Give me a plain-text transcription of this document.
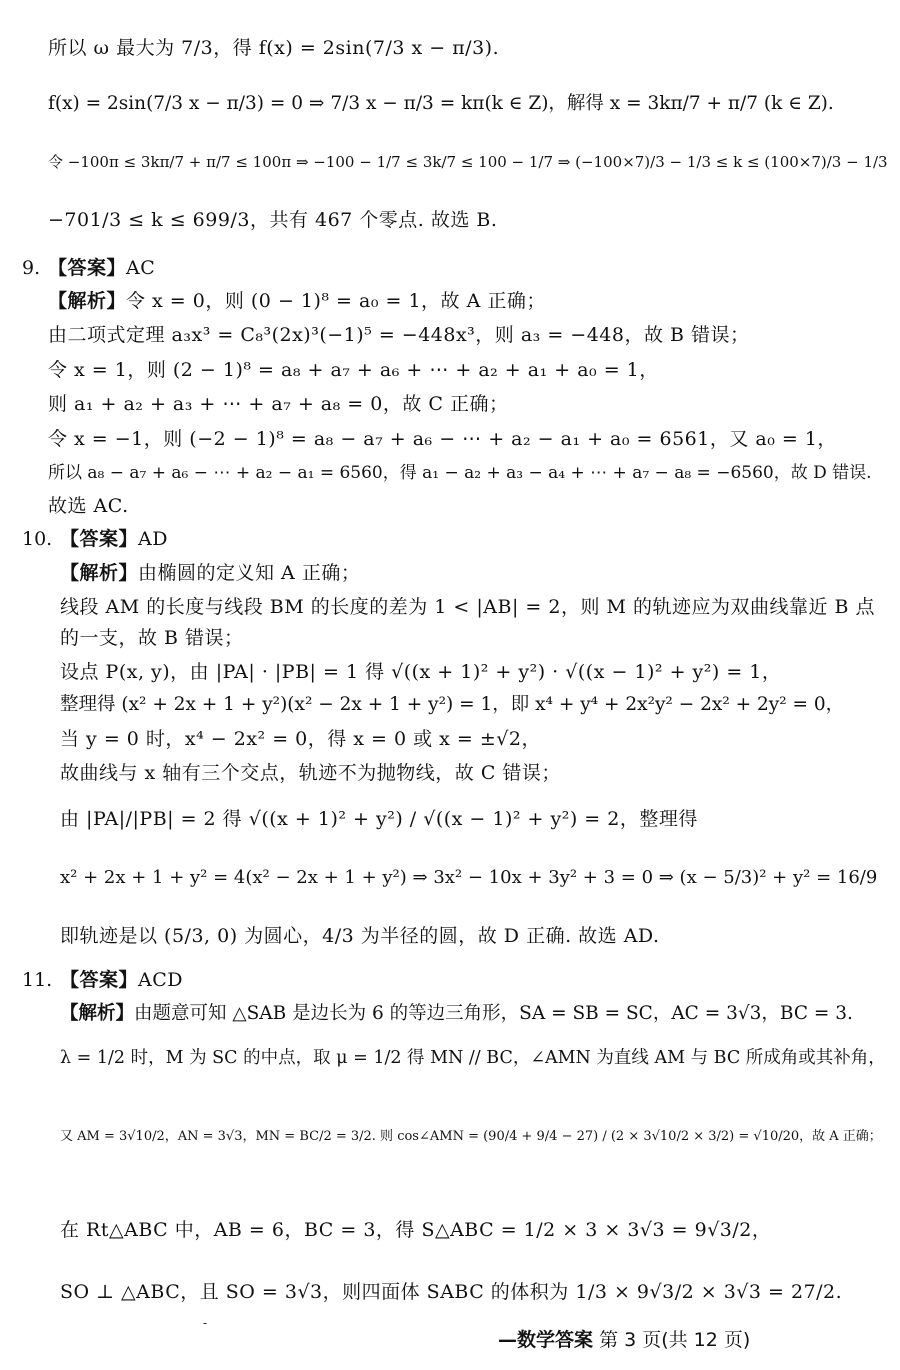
所以 ω 最大为 7/3，得 f(x) = 2sin(7/3 x − π/3).
f(x) = 2sin(7/3 x − π/3) = 0 ⇒ 7/3 x − π/3 = kπ(k ∈ Z)，解得 x = 3kπ/7 + π/7 (k ∈ Z).
令 −100π ≤ 3kπ/7 + π/7 ≤ 100π ⇒ −100 − 1/7 ≤ 3k/7 ≤ 100 − 1/7 ⇒ (−100×7)/3 − 1/3 ≤ k ≤ (100×7)/3 − 1/3
−701/3 ≤ k ≤ 699/3，共有 467 个零点. 故选 B.
9. 【答案】AC
【解析】令 x = 0，则 (0 − 1)⁸ = a₀ = 1，故 A 正确；
由二项式定理 a₃x³ = C₈³(2x)³(−1)⁵ = −448x³，则 a₃ = −448，故 B 错误；
令 x = 1，则 (2 − 1)⁸ = a₈ + a₇ + a₆ + ⋯ + a₂ + a₁ + a₀ = 1，
则 a₁ + a₂ + a₃ + ⋯ + a₇ + a₈ = 0，故 C 正确；
令 x = −1，则 (−2 − 1)⁸ = a₈ − a₇ + a₆ − ⋯ + a₂ − a₁ + a₀ = 6561，又 a₀ = 1，
所以 a₈ − a₇ + a₆ − ⋯ + a₂ − a₁ = 6560，得 a₁ − a₂ + a₃ − a₄ + ⋯ + a₇ − a₈ = −6560，故 D 错误.
故选 AC.
10. 【答案】AD
【解析】由椭圆的定义知 A 正确；
线段 AM 的长度与线段 BM 的长度的差为 1 < |AB| = 2，则 M 的轨迹应为双曲线靠近 B 点
的一支，故 B 错误；
设点 P(x, y)，由 |PA| · |PB| = 1 得 √((x + 1)² + y²) · √((x − 1)² + y²) = 1，
整理得 (x² + 2x + 1 + y²)(x² − 2x + 1 + y²) = 1，即 x⁴ + y⁴ + 2x²y² − 2x² + 2y² = 0，
当 y = 0 时，x⁴ − 2x² = 0，得 x = 0 或 x = ±√2，
故曲线与 x 轴有三个交点，轨迹不为抛物线，故 C 错误；
由 |PA|/|PB| = 2 得 √((x + 1)² + y²) / √((x − 1)² + y²) = 2，整理得
x² + 2x + 1 + y² = 4(x² − 2x + 1 + y²) ⇒ 3x² − 10x + 3y² + 3 = 0 ⇒ (x − 5/3)² + y² = 16/9
即轨迹是以 (5/3, 0) 为圆心，4/3 为半径的圆，故 D 正确. 故选 AD.
11. 【答案】ACD
【解析】由题意可知 △SAB 是边长为 6 的等边三角形，SA = SB = SC，AC = 3√3，BC = 3.
λ = 1/2 时，M 为 SC 的中点，取 μ = 1/2 得 MN // BC，∠AMN 为直线 AM 与 BC 所成角或其补角，
又 AM = 3√10/2，AN = 3√3，MN = BC/2 = 3/2. 则 cos∠AMN = (90/4 + 9/4 − 27) / (2 × 3√10/2 × 3/2) = √10/20，故 A 正确；
在 Rt△ABC 中，AB = 6，BC = 3，得 S△ABC = 1/2 × 3 × 3√3 = 9√3/2，
SO ⊥ △ABC，且 SO = 3√3，则四面体 SABC 的体积为 1/3 × 9√3/2 × 3√3 = 27/2.
-
—数学答案 第 3 页(共 12 页)
